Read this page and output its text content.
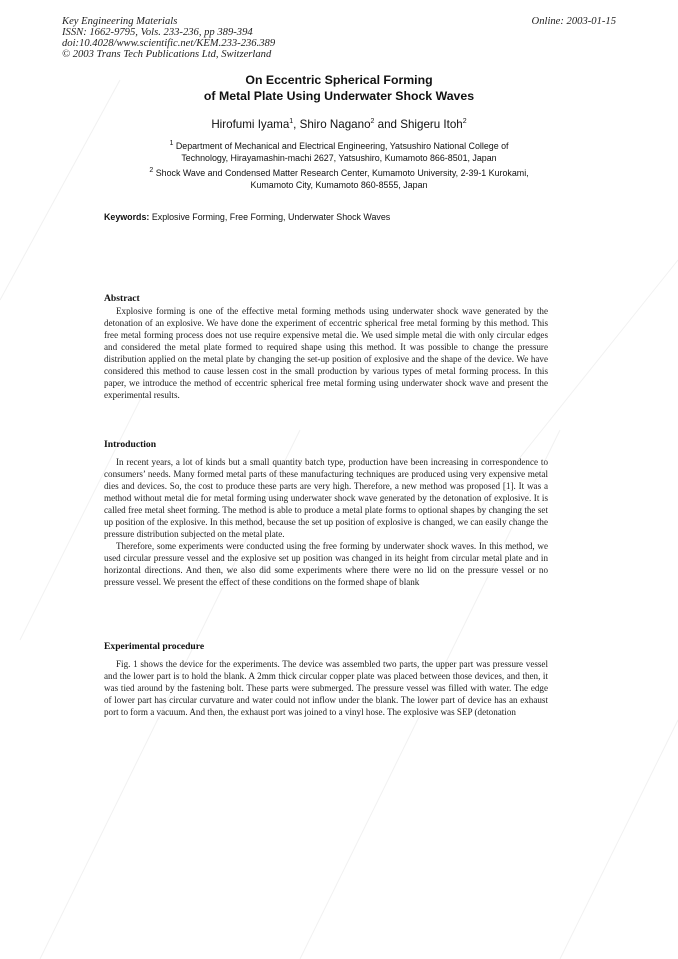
Key Engineering Materials
ISSN: 1662-9795, Vols. 233-236, pp 389-394
doi:10.4028/www.scientific.net/KEM.233-236.389
© 2003 Trans Tech Publications Ltd, Switzerland
Online: 2003-01-15
On Eccentric Spherical Forming
of Metal Plate Using Underwater Shock Waves
Hirofumi Iyama$^1$, Shiro Nagano$^2$ and Shigeru Itoh$^2$
$^1$ Department of Mechanical and Electrical Engineering, Yatsushiro National College of
Technology, Hirayamashin-machi 2627, Yatsushiro, Kumamoto 866-8501, Japan
$^2$ Shock Wave and Condensed Matter Research Center, Kumamoto University, 2-39-1 Kurokami,
Kumamoto City, Kumamoto 860-8555, Japan
Keywords: Explosive Forming, Free Forming, Underwater Shock Waves
Abstract

Explosive forming is one of the effective metal forming methods using underwater shock wave generated by the detonation of an explosive. We have done the experiment of eccentric spherical free metal forming by this method. This free metal forming process does not use require expensive metal die. We used simple metal die with only circular edges and considered the metal plate formed to required shape using this method. It was possible to change the pressure distribution applied on the metal plate by changing the set-up position of explosive and the shape of the device. We have considered this method to cause lessen cost in the small production by various types of metal forming process. In this paper, we introduce the method of eccentric spherical free metal forming using underwater shock wave and present the experimental results.

Introduction

In recent years, a lot of kinds but a small quantity batch type, production have been increasing in correspondence to consumers’ needs. Many formed metal parts of these manufacturing techniques are produced using very expensive metal dies and devices. So, the cost to produce these parts are very high. Therefore, a new method was proposed [1]. It was a method without metal die for metal forming using underwater shock wave generated by the detonation of explosive. It is called free metal sheet forming. The method is able to produce a metal plate forms to optional shapes by changing the set up position of the explosive. In this method, because the set up position of explosive is changed, we can easily change the pressure distribution subjected on the metal plate.

Therefore, some experiments were conducted using the free forming by underwater shock waves. In this method, we used circular pressure vessel and the explosive set up position was changed in its height from circular metal plate and in horizontal directions. And then, we also did some experiments where there were no lid on the pressure vessel or no pressure vessel. We present the effect of these conditions on the formed shape of blank

Experimental procedure

Fig. 1 shows the device for the experiments. The device was assembled two parts, the upper part was pressure vessel and the lower part is to hold the blank. A 2mm thick circular copper plate was placed between those devices, and then, it was tied around by the fastening bolt. These parts were submerged. The pressure vessel was filled with water. The edge of lower part has circular curvature and water could not inflow under the blank. The lower part of device has an exhaust port to form a vacuum. And then, the exhaust port was joined to a vinyl hose. The explosive was SEP (detonation
